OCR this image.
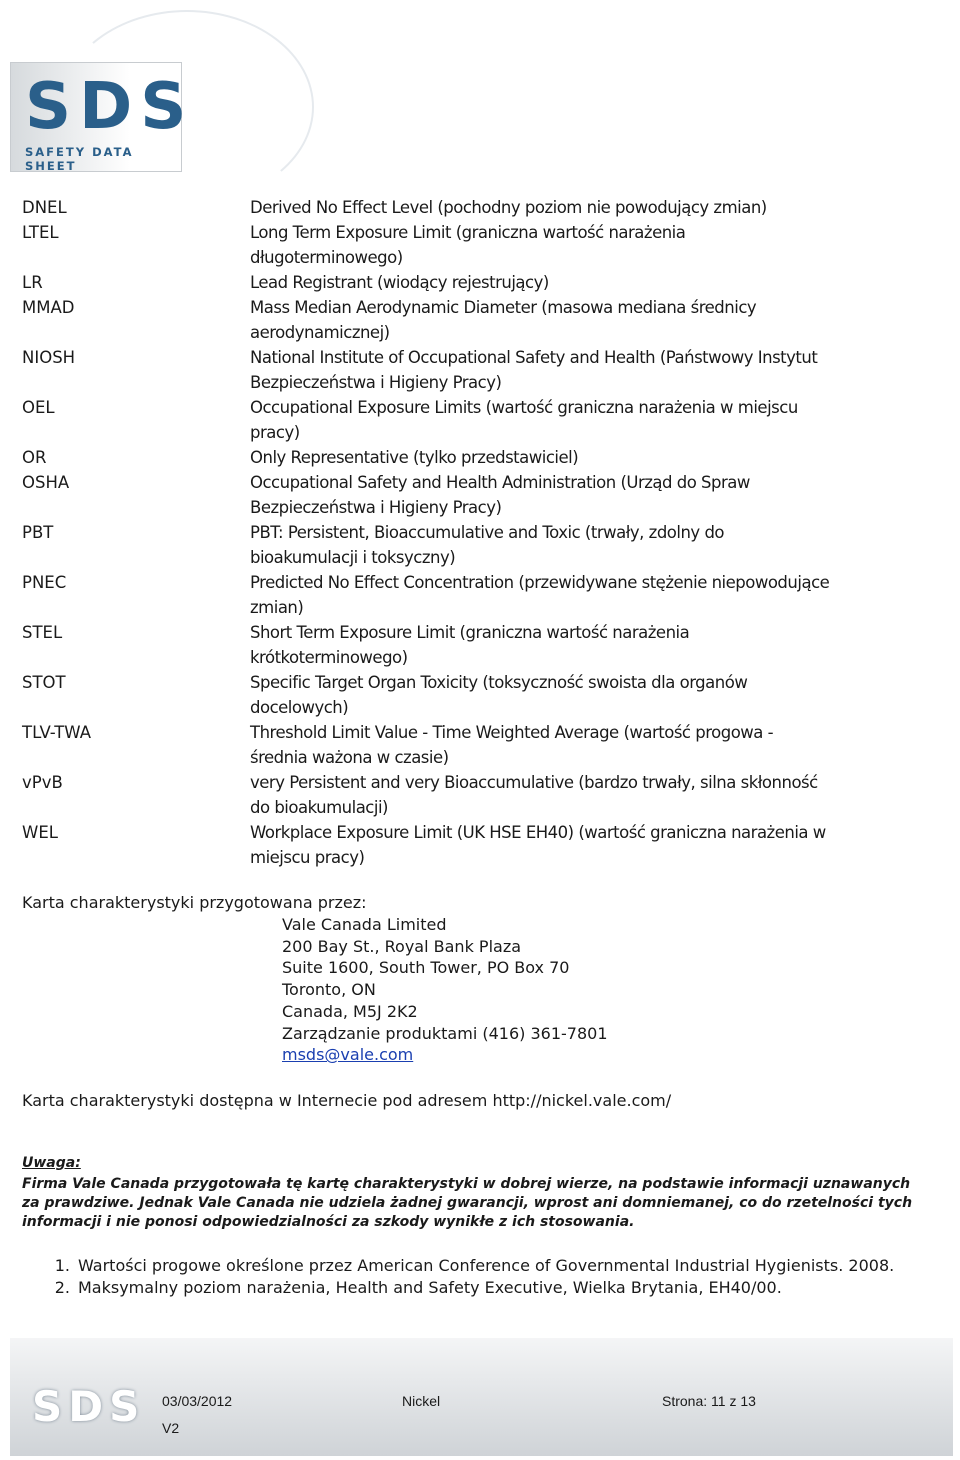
SDS
SAFETY DATA SHEET
DNEL	Derived No Effect Level (pochodny poziom nie powodujący zmian)
LTEL	Long Term Exposure Limit (graniczna wartość narażenia długoterminowego)
LR	Lead Registrant (wiodący rejestrujący)
MMAD	Mass Median Aerodynamic Diameter (masowa mediana średnicy aerodynamicznej)
NIOSH	National Institute of Occupational Safety and Health (Państwowy Instytut Bezpieczeństwa i Higieny Pracy)
OEL	Occupational Exposure Limits (wartość graniczna narażenia w miejscu pracy)
OR	Only Representative (tylko przedstawiciel)
OSHA	Occupational Safety and Health Administration (Urząd do Spraw Bezpieczeństwa i Higieny Pracy)
PBT	PBT: Persistent, Bioaccumulative and Toxic (trwały, zdolny do bioakumulacji i toksyczny)
PNEC	Predicted No Effect Concentration (przewidywane stężenie niepowodujące zmian)
STEL	Short Term Exposure Limit (graniczna wartość narażenia krótkoterminowego)
STOT	Specific Target Organ Toxicity (toksyczność swoista dla organów docelowych)
TLV-TWA	Threshold Limit Value - Time Weighted Average (wartość progowa - średnia ważona w czasie)
vPvB	very Persistent and very Bioaccumulative (bardzo trwały, silna skłonność do bioakumulacji)
WEL	Workplace Exposure Limit (UK HSE EH40) (wartość graniczna narażenia w miejscu pracy)
Karta charakterystyki przygotowana przez:
Vale Canada Limited
200 Bay St., Royal Bank Plaza
Suite 1600, South Tower, PO Box 70
Toronto, ON
Canada, M5J 2K2
Zarządzanie produktami (416) 361-7801
msds@vale.com
Karta charakterystyki dostępna w Internecie pod adresem http://nickel.vale.com/
Uwaga:
Firma Vale Canada przygotowała tę kartę charakterystyki w dobrej wierze, na podstawie informacji uznawanych za prawdziwe. Jednak Vale Canada nie udziela żadnej gwarancji, wprost ani domniemanej, co do rzetelności tych informacji i nie ponosi odpowiedzialności za szkody wynikłe z ich stosowania.
1. Wartości progowe określone przez American Conference of Governmental Industrial Hygienists. 2008.
2. Maksymalny poziom narażenia, Health and Safety Executive, Wielka Brytania, EH40/00.
SDS 03/03/2012
V2
Nickel	Strona: 11 z 13
